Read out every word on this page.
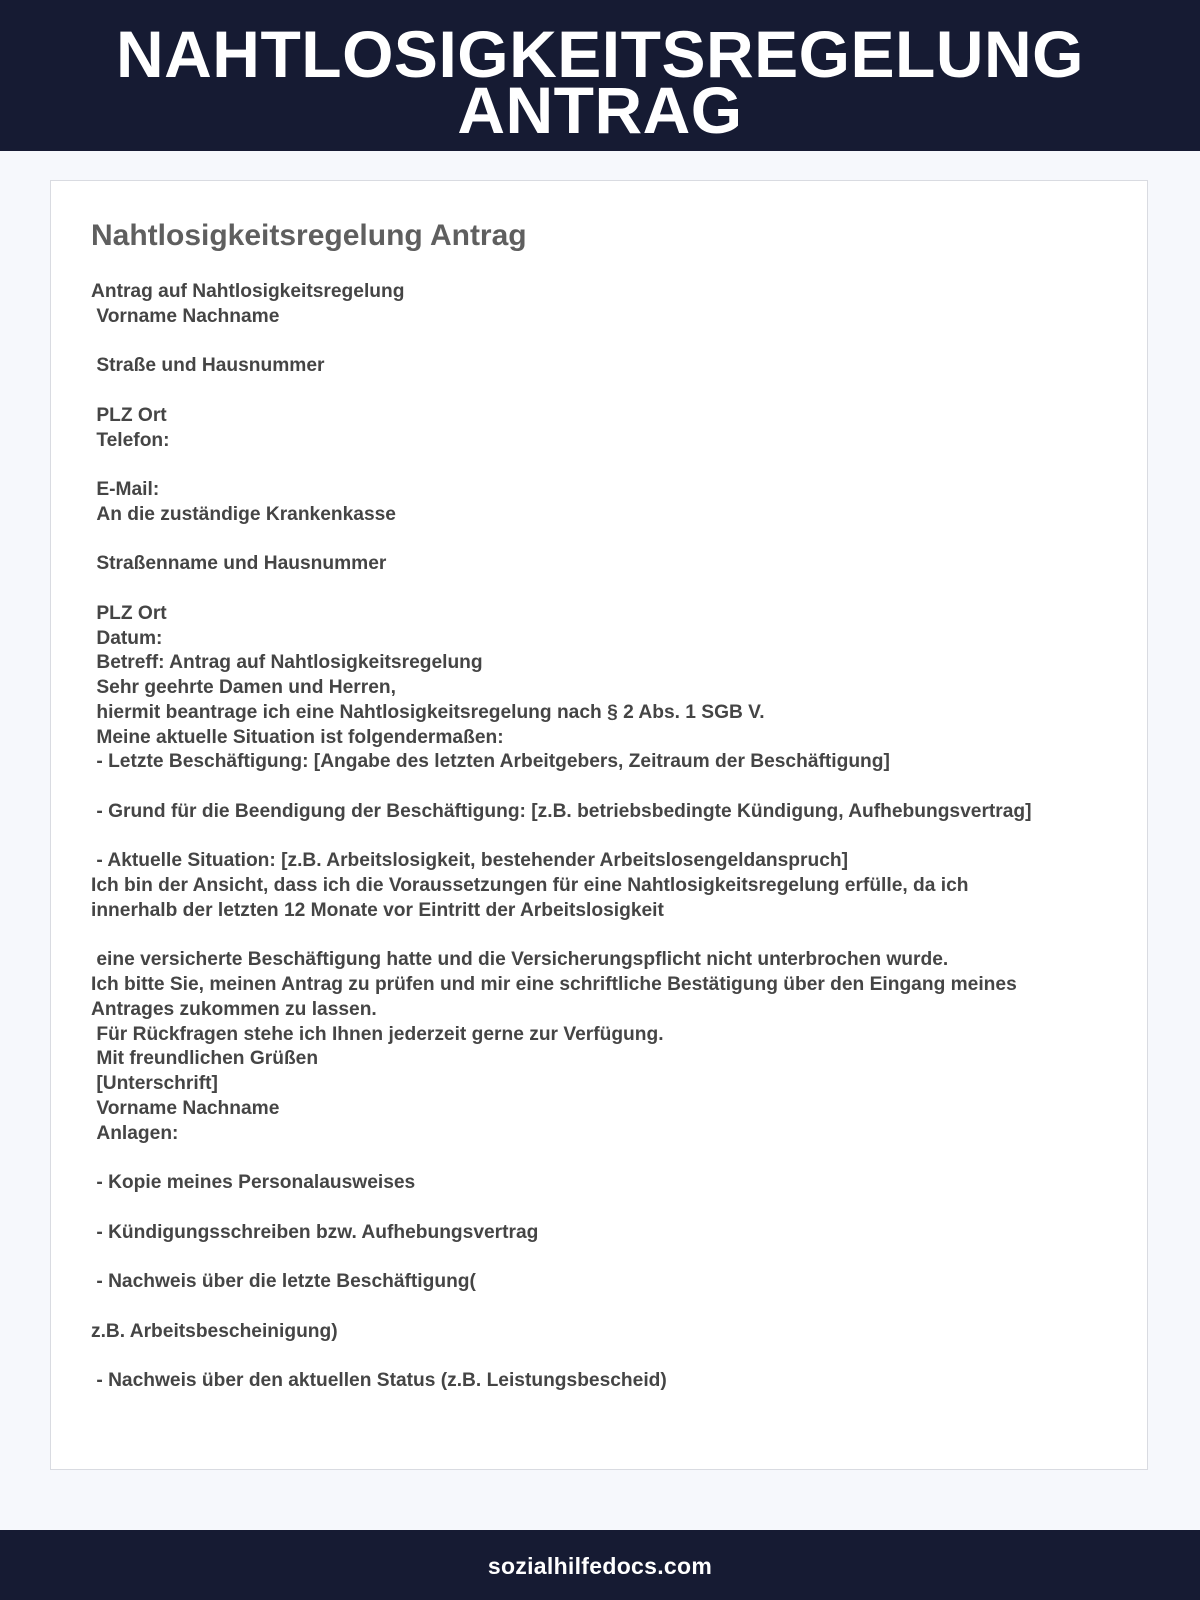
NAHTLOSIGKEITSREGELUNG ANTRAG
Nahtlosigkeitsregelung Antrag

Antrag auf Nahtlosigkeitsregelung
Vorname Nachname

Straße und Hausnummer

PLZ Ort
Telefon:

E-Mail:
An die zuständige Krankenkasse

Straßenname und Hausnummer

PLZ Ort
Datum:
Betreff: Antrag auf Nahtlosigkeitsregelung
Sehr geehrte Damen und Herren,
hiermit beantrage ich eine Nahtlosigkeitsregelung nach § 2 Abs. 1 SGB V.
Meine aktuelle Situation ist folgendermaßen:
- Letzte Beschäftigung: [Angabe des letzten Arbeitgebers, Zeitraum der Beschäftigung]

- Grund für die Beendigung der Beschäftigung: [z.B. betriebsbedingte Kündigung, Aufhebungsvertrag]

- Aktuelle Situation: [z.B. Arbeitslosigkeit, bestehender Arbeitslosengeldanspruch]
Ich bin der Ansicht, dass ich die Voraussetzungen für eine Nahtlosigkeitsregelung erfülle, da ich
innerhalb der letzten 12 Monate vor Eintritt der Arbeitslosigkeit

eine versicherte Beschäftigung hatte und die Versicherungspflicht nicht unterbrochen wurde.
Ich bitte Sie, meinen Antrag zu prüfen und mir eine schriftliche Bestätigung über den Eingang meines
Antrages zukommen zu lassen.
Für Rückfragen stehe ich Ihnen jederzeit gerne zur Verfügung.
Mit freundlichen Grüßen
[Unterschrift]
Vorname Nachname
Anlagen:

- Kopie meines Personalausweises

- Kündigungsschreiben bzw. Aufhebungsvertrag

- Nachweis über die letzte Beschäftigung(

z.B. Arbeitsbescheinigung)

- Nachweis über den aktuellen Status (z.B. Leistungsbescheid)

sozialhilfedocs.com
